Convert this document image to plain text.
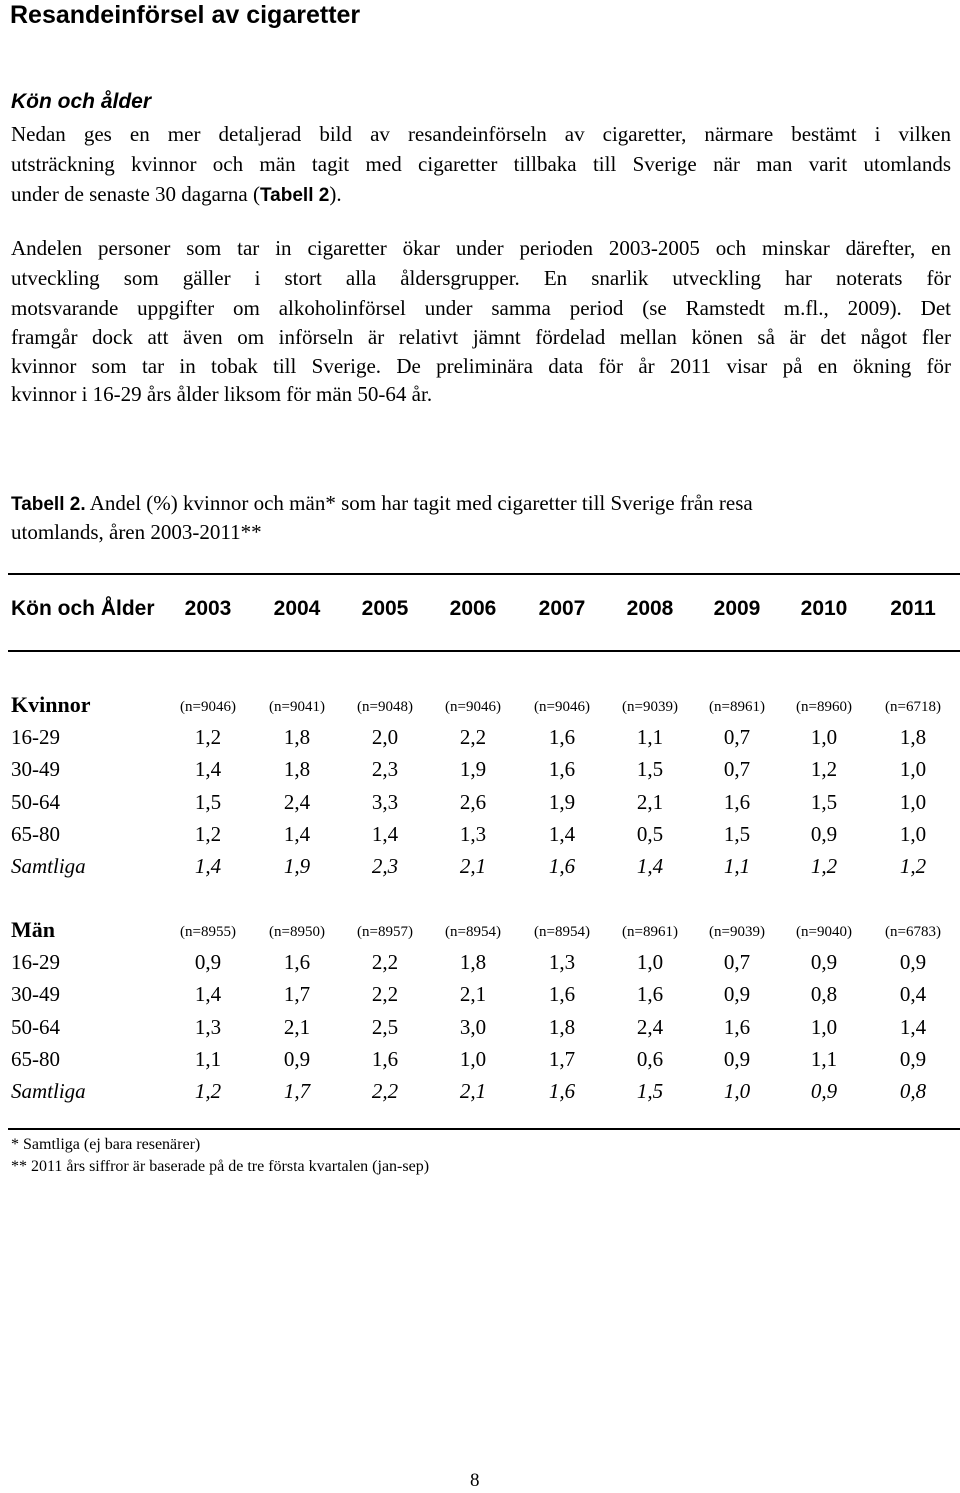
Resandeinförsel av cigaretter
Kön och ålder
Nedan ges en mer detaljerad bild av resandeinförseln av cigaretter, närmare bestämt i vilken
utsträckning kvinnor och män tagit med cigaretter tillbaka till Sverige när man varit utomlands
under de senaste 30 dagarna (Tabell 2).
Andelen personer som tar in cigaretter ökar under perioden 2003-2005 och minskar därefter, en
utveckling som gäller i stort alla åldersgrupper. En snarlik utveckling har noterats för
motsvarande uppgifter om alkoholinförsel under samma period (se Ramstedt m.fl., 2009). Det
framgår dock att även om införseln är relativt jämnt fördelad mellan könen så är det något fler
kvinnor som tar in tobak till Sverige. De preliminära data för år 2011 visar på en ökning för
kvinnor i 16-29 års ålder liksom för män 50-64 år.
Tabell 2. Andel (%) kvinnor och män* som har tagit med cigaretter till Sverige från resa
utomlands, åren 2003-2011**
Kön och Ålder	2003	2004	2005	2006	2007	2008	2009	2010	2011
Kvinnor	(n=9046)	(n=9041)	(n=9048)	(n=9046)	(n=9046)	(n=9039)	(n=8961)	(n=8960)	(n=6718)
16-29	1,2	1,8	2,0	2,2	1,6	1,1	0,7	1,0	1,8
30-49	1,4	1,8	2,3	1,9	1,6	1,5	0,7	1,2	1,0
50-64	1,5	2,4	3,3	2,6	1,9	2,1	1,6	1,5	1,0
65-80	1,2	1,4	1,4	1,3	1,4	0,5	1,5	0,9	1,0
Samtliga	1,4	1,9	2,3	2,1	1,6	1,4	1,1	1,2	1,2
Män	(n=8955)	(n=8950)	(n=8957)	(n=8954)	(n=8954)	(n=8961)	(n=9039)	(n=9040)	(n=6783)
16-29	0,9	1,6	2,2	1,8	1,3	1,0	0,7	0,9	0,9
30-49	1,4	1,7	2,2	2,1	1,6	1,6	0,9	0,8	0,4
50-64	1,3	2,1	2,5	3,0	1,8	2,4	1,6	1,0	1,4
65-80	1,1	0,9	1,6	1,0	1,7	0,6	0,9	1,1	0,9
Samtliga	1,2	1,7	2,2	2,1	1,6	1,5	1,0	0,9	0,8
* Samtliga (ej bara resenärer)
** 2011 års siffror är baserade på de tre första kvartalen (jan-sep)
8
